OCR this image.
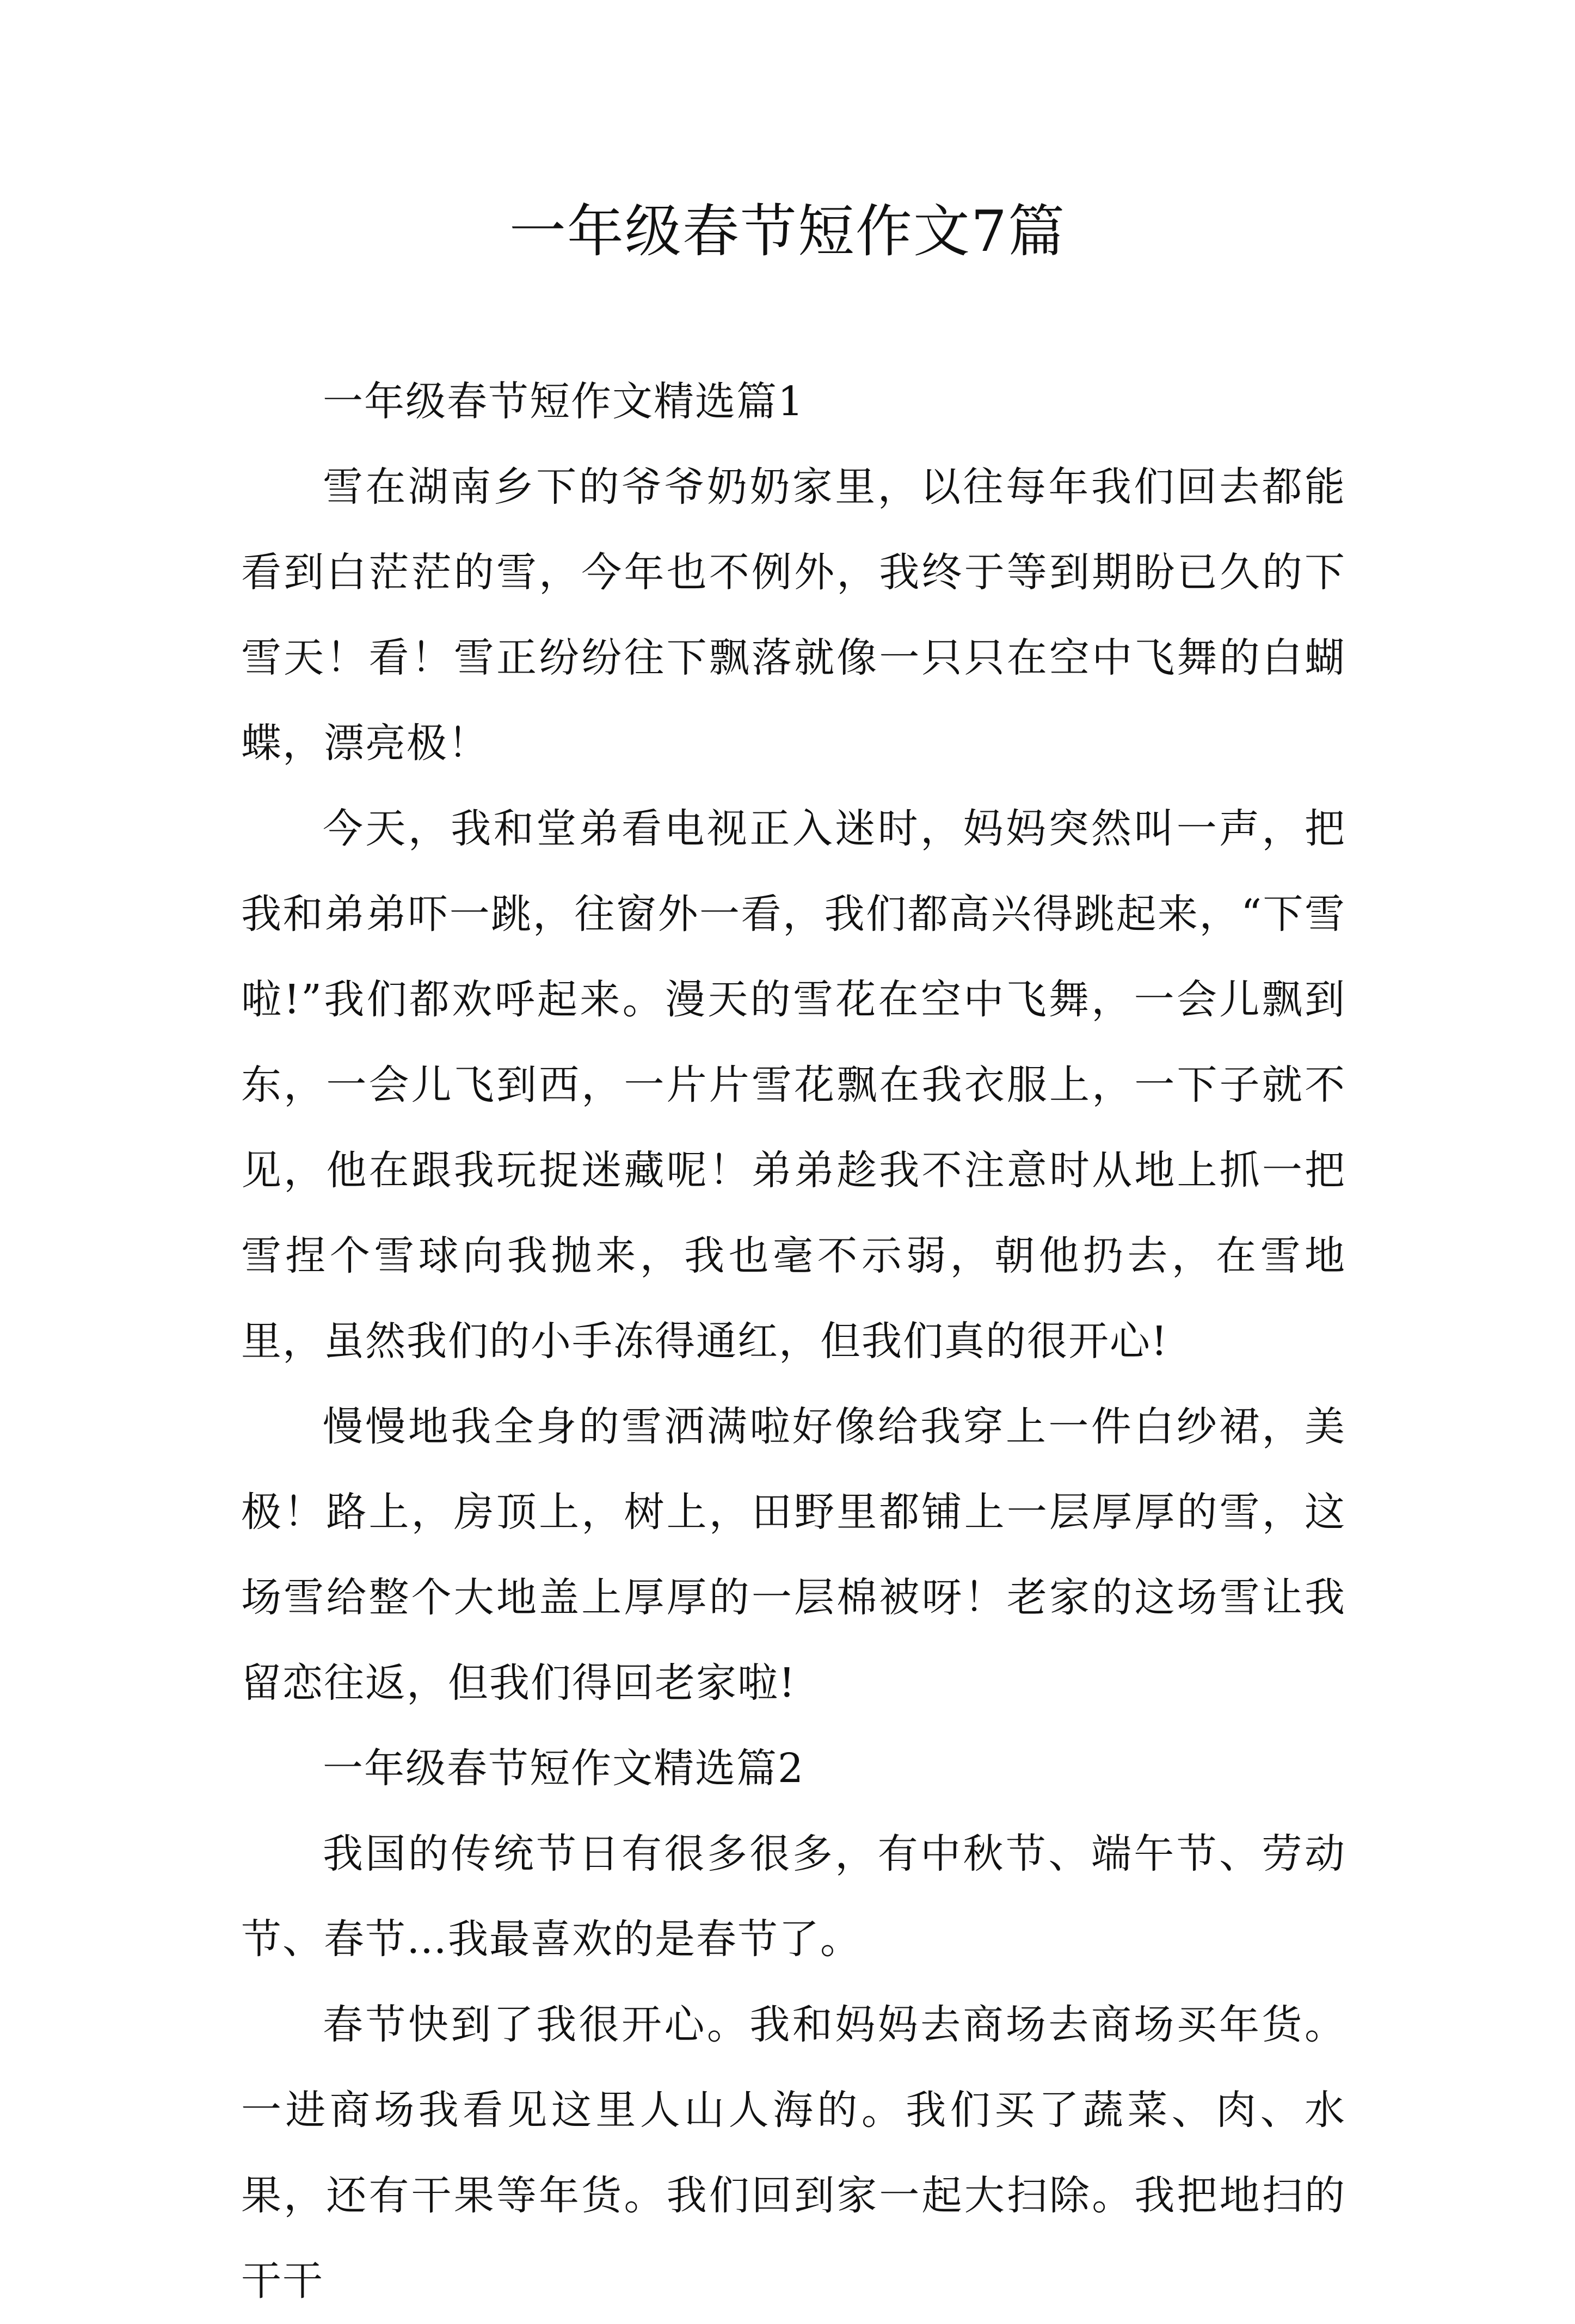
一年级春节短作文7篇

一年级春节短作文精选篇1

雪在湖南乡下的爷爷奶奶家里，以往每年我们回去都能看到白茫茫的雪，今年也不例外，我终于等到期盼已久的下雪天！看！雪正纷纷往下飘落就像一只只在空中飞舞的白蝴蝶，漂亮极！

今天，我和堂弟看电视正入迷时，妈妈突然叫一声，把我和弟弟吓一跳，往窗外一看，我们都高兴得跳起来，“下雪啦!”我们都欢呼起来。漫天的雪花在空中飞舞，一会儿飘到东，一会儿飞到西，一片片雪花飘在我衣服上，一下子就不见，他在跟我玩捉迷藏呢！弟弟趁我不注意时从地上抓一把雪捏个雪球向我抛来，我也毫不示弱，朝他扔去，在雪地里，虽然我们的小手冻得通红，但我们真的很开心!

慢慢地我全身的雪洒满啦好像给我穿上一件白纱裙，美极！路上，房顶上，树上，田野里都铺上一层厚厚的雪，这场雪给整个大地盖上厚厚的一层棉被呀！老家的这场雪让我留恋往返，但我们得回老家啦!

一年级春节短作文精选篇2

我国的传统节日有很多很多，有中秋节、端午节、劳动节、春节…我最喜欢的是春节了。

春节快到了我很开心。我和妈妈去商场去商场买年货。一进商场我看见这里人山人海的。我们买了蔬菜、肉、水果，还有干果等年货。我们回到家一起大扫除。我把地扫的干干
